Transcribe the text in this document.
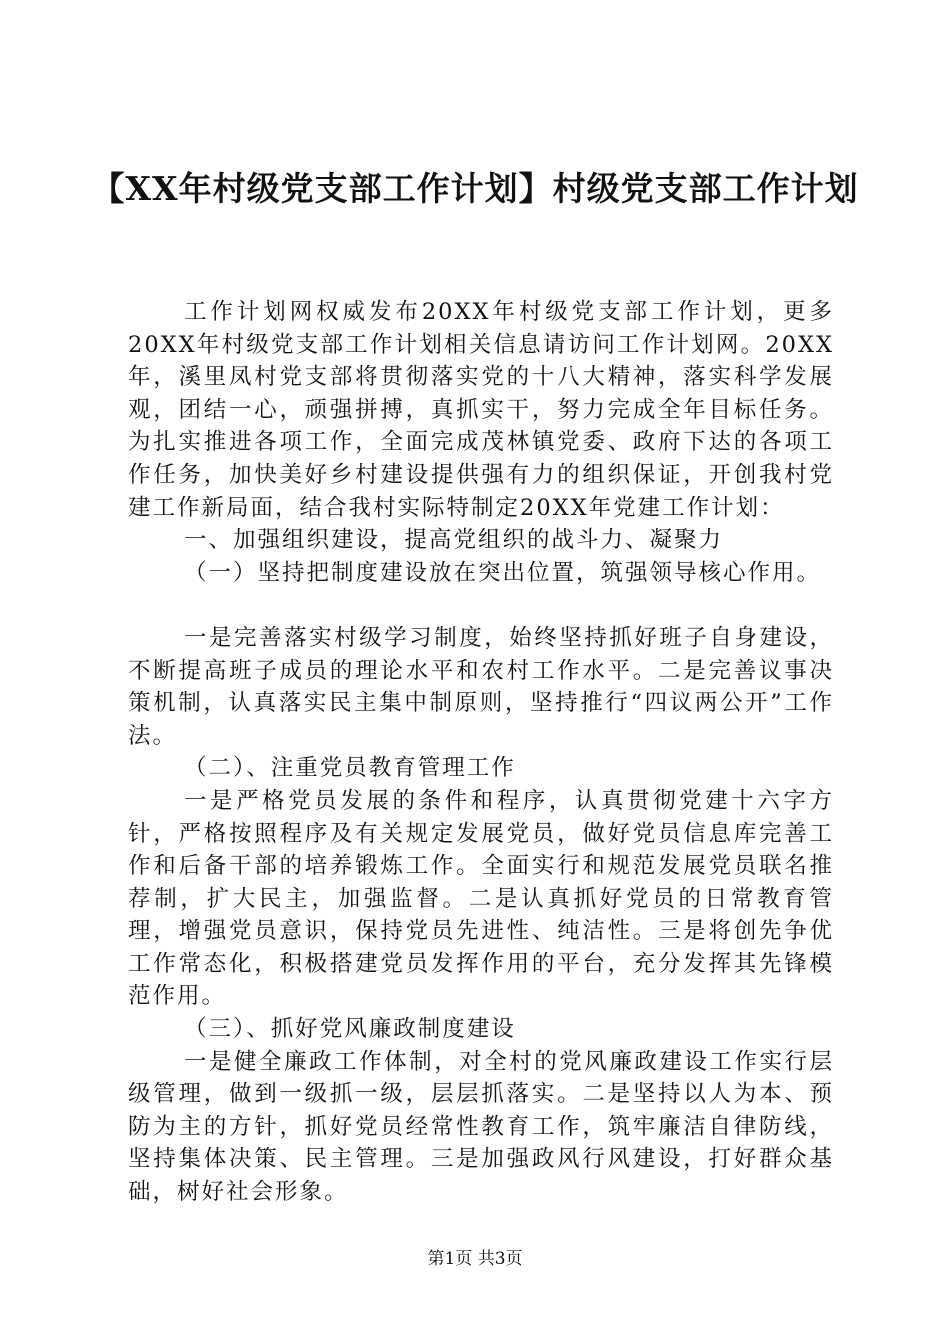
【XX年村级党支部工作计划】村级党支部工作计划

工作计划网权威发布20XX年村级党支部工作计划，更多20XX年村级党支部工作计划相关信息请访问工作计划网。20XX年，溪里凤村党支部将贯彻落实党的十八大精神，落实科学发展观，团结一心，顽强拼搏，真抓实干，努力完成全年目标任务。为扎实推进各项工作，全面完成茂林镇党委、政府下达的各项工作任务，加快美好乡村建设提供强有力的组织保证，开创我村党建工作新局面，结合我村实际特制定20XX年党建工作计划：

一、加强组织建设，提高党组织的战斗力、凝聚力

（一）坚持把制度建设放在突出位置，筑强领导核心作用。

一是完善落实村级学习制度，始终坚持抓好班子自身建设，不断提高班子成员的理论水平和农村工作水平。二是完善议事决策机制，认真落实民主集中制原则，坚持推行“四议两公开”工作法。

（二）、注重党员教育管理工作

一是严格党员发展的条件和程序，认真贯彻党建十六字方针，严格按照程序及有关规定发展党员，做好党员信息库完善工作和后备干部的培养锻炼工作。全面实行和规范发展党员联名推荐制，扩大民主，加强监督。二是认真抓好党员的日常教育管理，增强党员意识，保持党员先进性、纯洁性。三是将创先争优工作常态化，积极搭建党员发挥作用的平台，充分发挥其先锋模范作用。

（三）、抓好党风廉政制度建设

一是健全廉政工作体制，对全村的党风廉政建设工作实行层级管理，做到一级抓一级，层层抓落实。二是坚持以人为本、预防为主的方针，抓好党员经常性教育工作，筑牢廉洁自律防线，坚持集体决策、民主管理。三是加强政风行风建设，打好群众基础，树好社会形象。

第1页 共3页
